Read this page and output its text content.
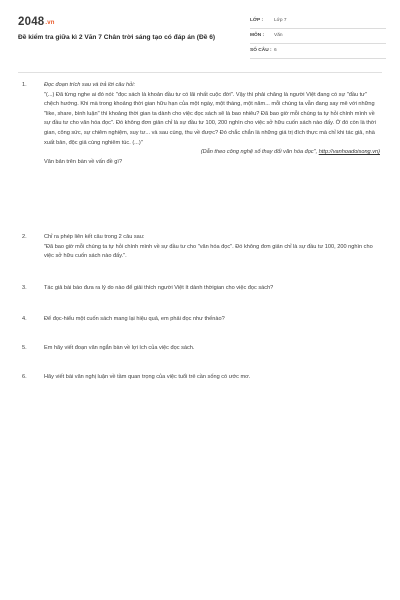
2048.vn
Đề kiểm tra giữa kì 2 Văn 7 Chân trời sáng tạo có đáp án (Đề 6)
LỚP : Lớp 7
MÔN : Văn
SỐ CÂU : 6
1.	Đọc đoạn trích sau và trả lời câu hỏi:

"(...) Đã từng nghe ai đó nói: "đọc sách là khoản đầu tư có lãi nhất cuộc đời". Vậy thì phải chăng là người Việt đang có sự "đầu tư" chệch hướng. Khi mà trong khoảng thời gian hữu hạn của một ngày, một tháng, một năm... mỗi chúng ta vẫn đang say mê với những "like, share, bình luận" thì khoảng thời gian ta dành cho việc đọc sách sẽ là bao nhiêu? Đã bao giờ mỗi chúng ta tự hỏi chính mình về sự đầu tư cho văn hóa đọc". Đó không đơn giản chỉ là sự đầu tư 100, 200 nghìn cho việc sở hữu cuốn sách nào đấy. Ở đó còn là thời gian, công sức, sự chiêm nghiệm, suy tư... và sau cùng, thu về được? Đó chắc chắn là những giá trị đích thực mà chỉ khi tác giả, nhà xuất bản, độc giả cùng nghiêm túc. (...)"

(Dẫn theo công nghệ số thay đổi văn hóa đọc", http://vanhoadoisong.vn)

Văn bản trên bàn về vấn đề gì?

2.	Chỉ ra phép liên kết câu trong 2 câu sau:

"Đã bao giờ mỗi chúng ta tự hỏi chính mình về sự đầu tư cho "văn hóa đọc". Đó không đơn giản chỉ là sự đầu tư 100, 200 nghìn cho việc sở hữu cuốn sách nào đấy.".

3.	Tác giả bài báo đưa ra lý do nào để giải thích người Việt ít dành thờigian cho việc đọc sách?
4.	Để đọc-hiểu một cuốn sách mang lại hiệu quả, em phải đọc như thếnào?
5.	Em hãy viết đoạn văn ngắn bàn về lợi ích của việc đọc sách.
6.	Hãy viết bài văn nghị luận về tầm quan trọng của việc tuổi trẻ cần sống có ước mơ.
